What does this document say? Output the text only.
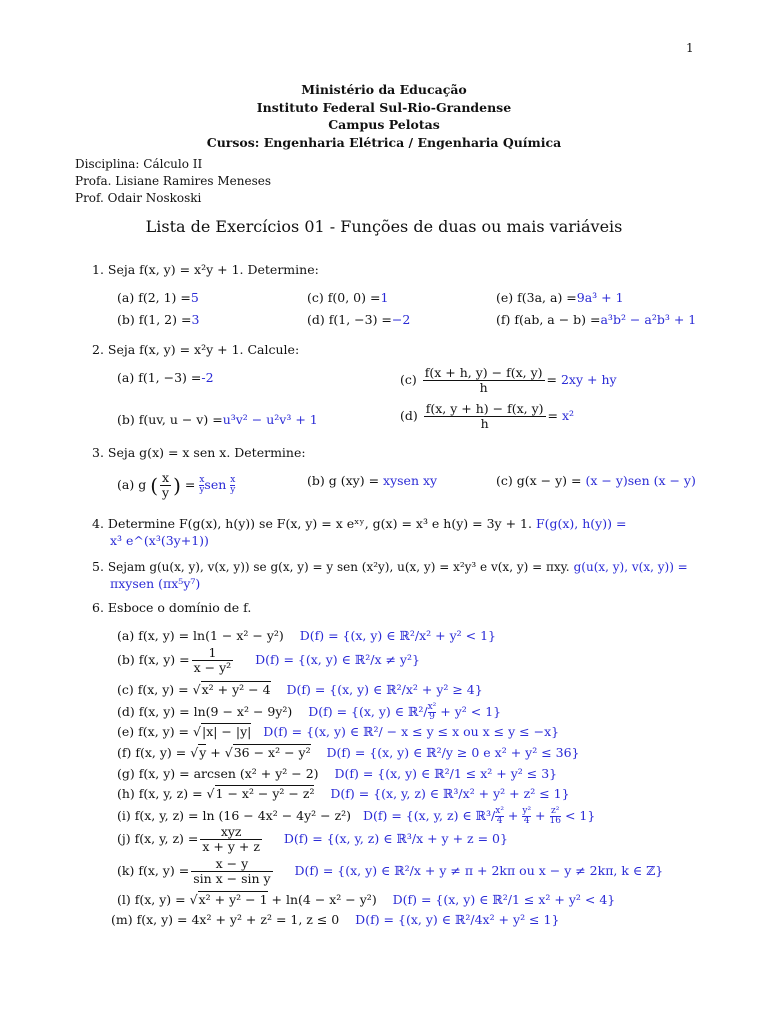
1
Ministério da Educação
Instituto Federal Sul-Rio-Grandense
Campus Pelotas
Cursos: Engenharia Elétrica / Engenharia Química
Disciplina: Cálculo II
Profa. Lisiane Ramires Meneses
Prof. Odair Noskoski
Lista de Exercícios 01 - Funções de duas ou mais variáveis
1. Seja f(x, y) = x²y + 1. Determine:
(a) f(2, 1) =5
(b) f(1, 2) =3
(c) f(0, 0) =1
(d) f(1, −3) =−2
(e) f(3a, a) =9a³ + 1
(f) f(ab, a − b) =a³b² − a²b³ + 1
2. Seja f(x, y) = x²y + 1. Calcule:
(a) f(1, −3) =-2
(b) f(uv, u − v) =u³v² − u²v³ + 1
$(c) \frac{f(x + h, y) - f(x, y)}{h} = 2xy$ + hy
$(d) \frac{f(x, y + h) - f(x, y)}{h} = x^2$
3. Seja g(x) = x sen x. Determine:
(a) g ( $\frac{x}{y}$ ) = $\frac{x}{y}$ sen $\frac{x}{y}$	(b) g (xy) = xysen xy	(c) g(x − y) = (x − y)sen (x − y)
4. Determine F(g(x), h(y)) se F(x, y) = x eˣʸ, g(x) = x³ e h(y) = 3y + 1. F(g(x), h(y)) =
x³ e^(x³(3y+1))
5. Sejam g(u(x, y), v(x, y)) se g(x, y) = y sen (x²y), u(x, y) = x²y³ e v(x, y) = πxy. g(u(x, y), v(x, y)) =
πxysen (πx⁵y⁷)
6. Esboce o domínio de f.
(a) f(x, y) = ln(1 − x² − y²) D(f) = {(x, y) ∈ ℝ²/x² + y² < 1}
(b) f(x, $y) = \frac{1}{\text{x − y²}} D(f) = \{(x$, y) ∈ ℝ²/x ≠ y²}
(c) f(x, y) = √x² + y² − 4 D(f) = {(x, y) ∈ ℝ²/x² + y² ≥ 4}
(d) f(x, y) = ln(9 − x² − 9y²) D(f) = {(x, y) ∈ ℝ²/ $\frac{\text{x²}}{9} + y^2 < 1$}
(e) f(x, y) = √|x| − |y| D(f) = {(x, y) ∈ ℝ²/ − x ≤ y ≤ x ou x ≤ y ≤ −x}
(f) f(x, y) = √y + √36 − x² − y² D(f) = {(x, y) ∈ ℝ²/y ≥ 0 e x² + y² ≤ 36}
(g) f(x, y) = arcsen (x² + y² − 2) D(f) = {(x, y) ∈ ℝ²/1 ≤ x² + y² ≤ 3}
(h) f(x, y, z) = √1 − x² − y² − z² D(f) = {(x, y, z) ∈ ℝ³/x² + y² + z² ≤ 1}
(i) f(x, y, z) = ln (16 − 4x² − 4y² − z²) D(f) = {(x, y, z) ∈ ℝ³/ $\frac{\text{x²}}{4} + \frac{\text{y²}}{4} + \frac{\text{z²}}{16} < 1$}
(j) f(x, y, $z) = \frac{\text{xyz}}{x + y + z} D(f) = \{(x$, y, z) ∈ ℝ³/x + y + z = 0}
(k) f(x, $y) = \frac{x - y}{\text{sin x − sin y}} D(f) = \{(x$, y) ∈ ℝ²/x + y ≠ π + 2kπ ou x − y ≠ 2kπ, k ∈ ℤ}
(l) f(x, y) = √x² + y² − 1 + ln(4 − x² − y²) D(f) = {(x, y) ∈ ℝ²/1 ≤ x² + y² < 4}
(m) f(x, y) = 4x² + y² + z² = 1, z ≤ 0 D(f) = {(x, y) ∈ ℝ²/4x² + y² ≤ 1}
